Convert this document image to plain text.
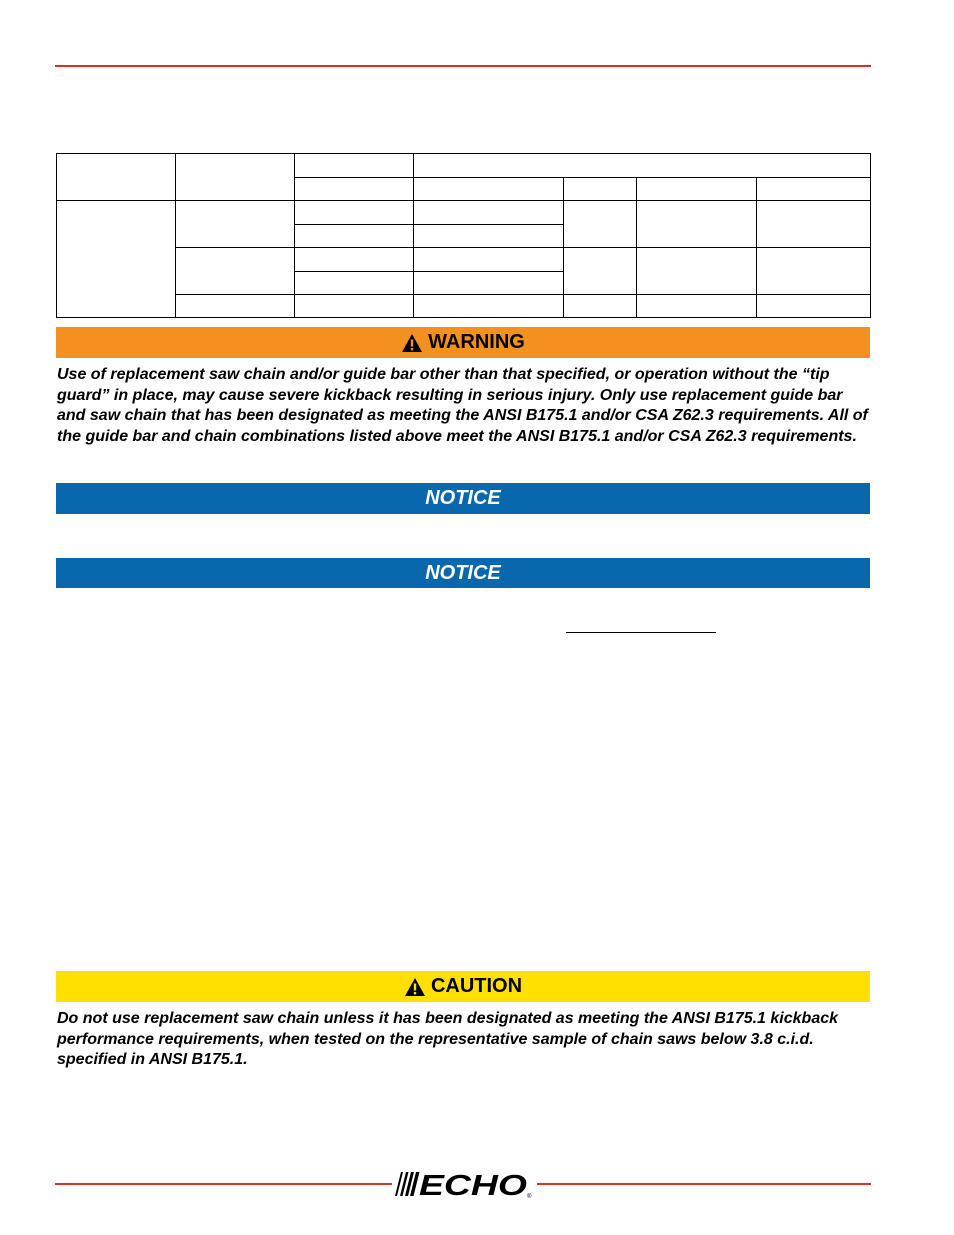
WARNING

Use of replacement saw chain and/or guide bar other than that specified, or operation without the “tip guard” in place, may cause severe kickback resulting in serious injury. Only use replacement guide bar and saw chain that has been designated as meeting the ANSI B175.1 and/or CSA Z62.3 requirements. All of the guide bar and chain combinations listed above meet the ANSI B175.1 and/or CSA Z62.3 requirements.

NOTICE
NOTICE
CAUTION

Do not use replacement saw chain unless it has been designated as meeting the ANSI B175.1 kickback performance requirements, when tested on the representative sample of chain saws below 3.8 c.i.d. specified in ANSI B175.1.

ECHO ®
